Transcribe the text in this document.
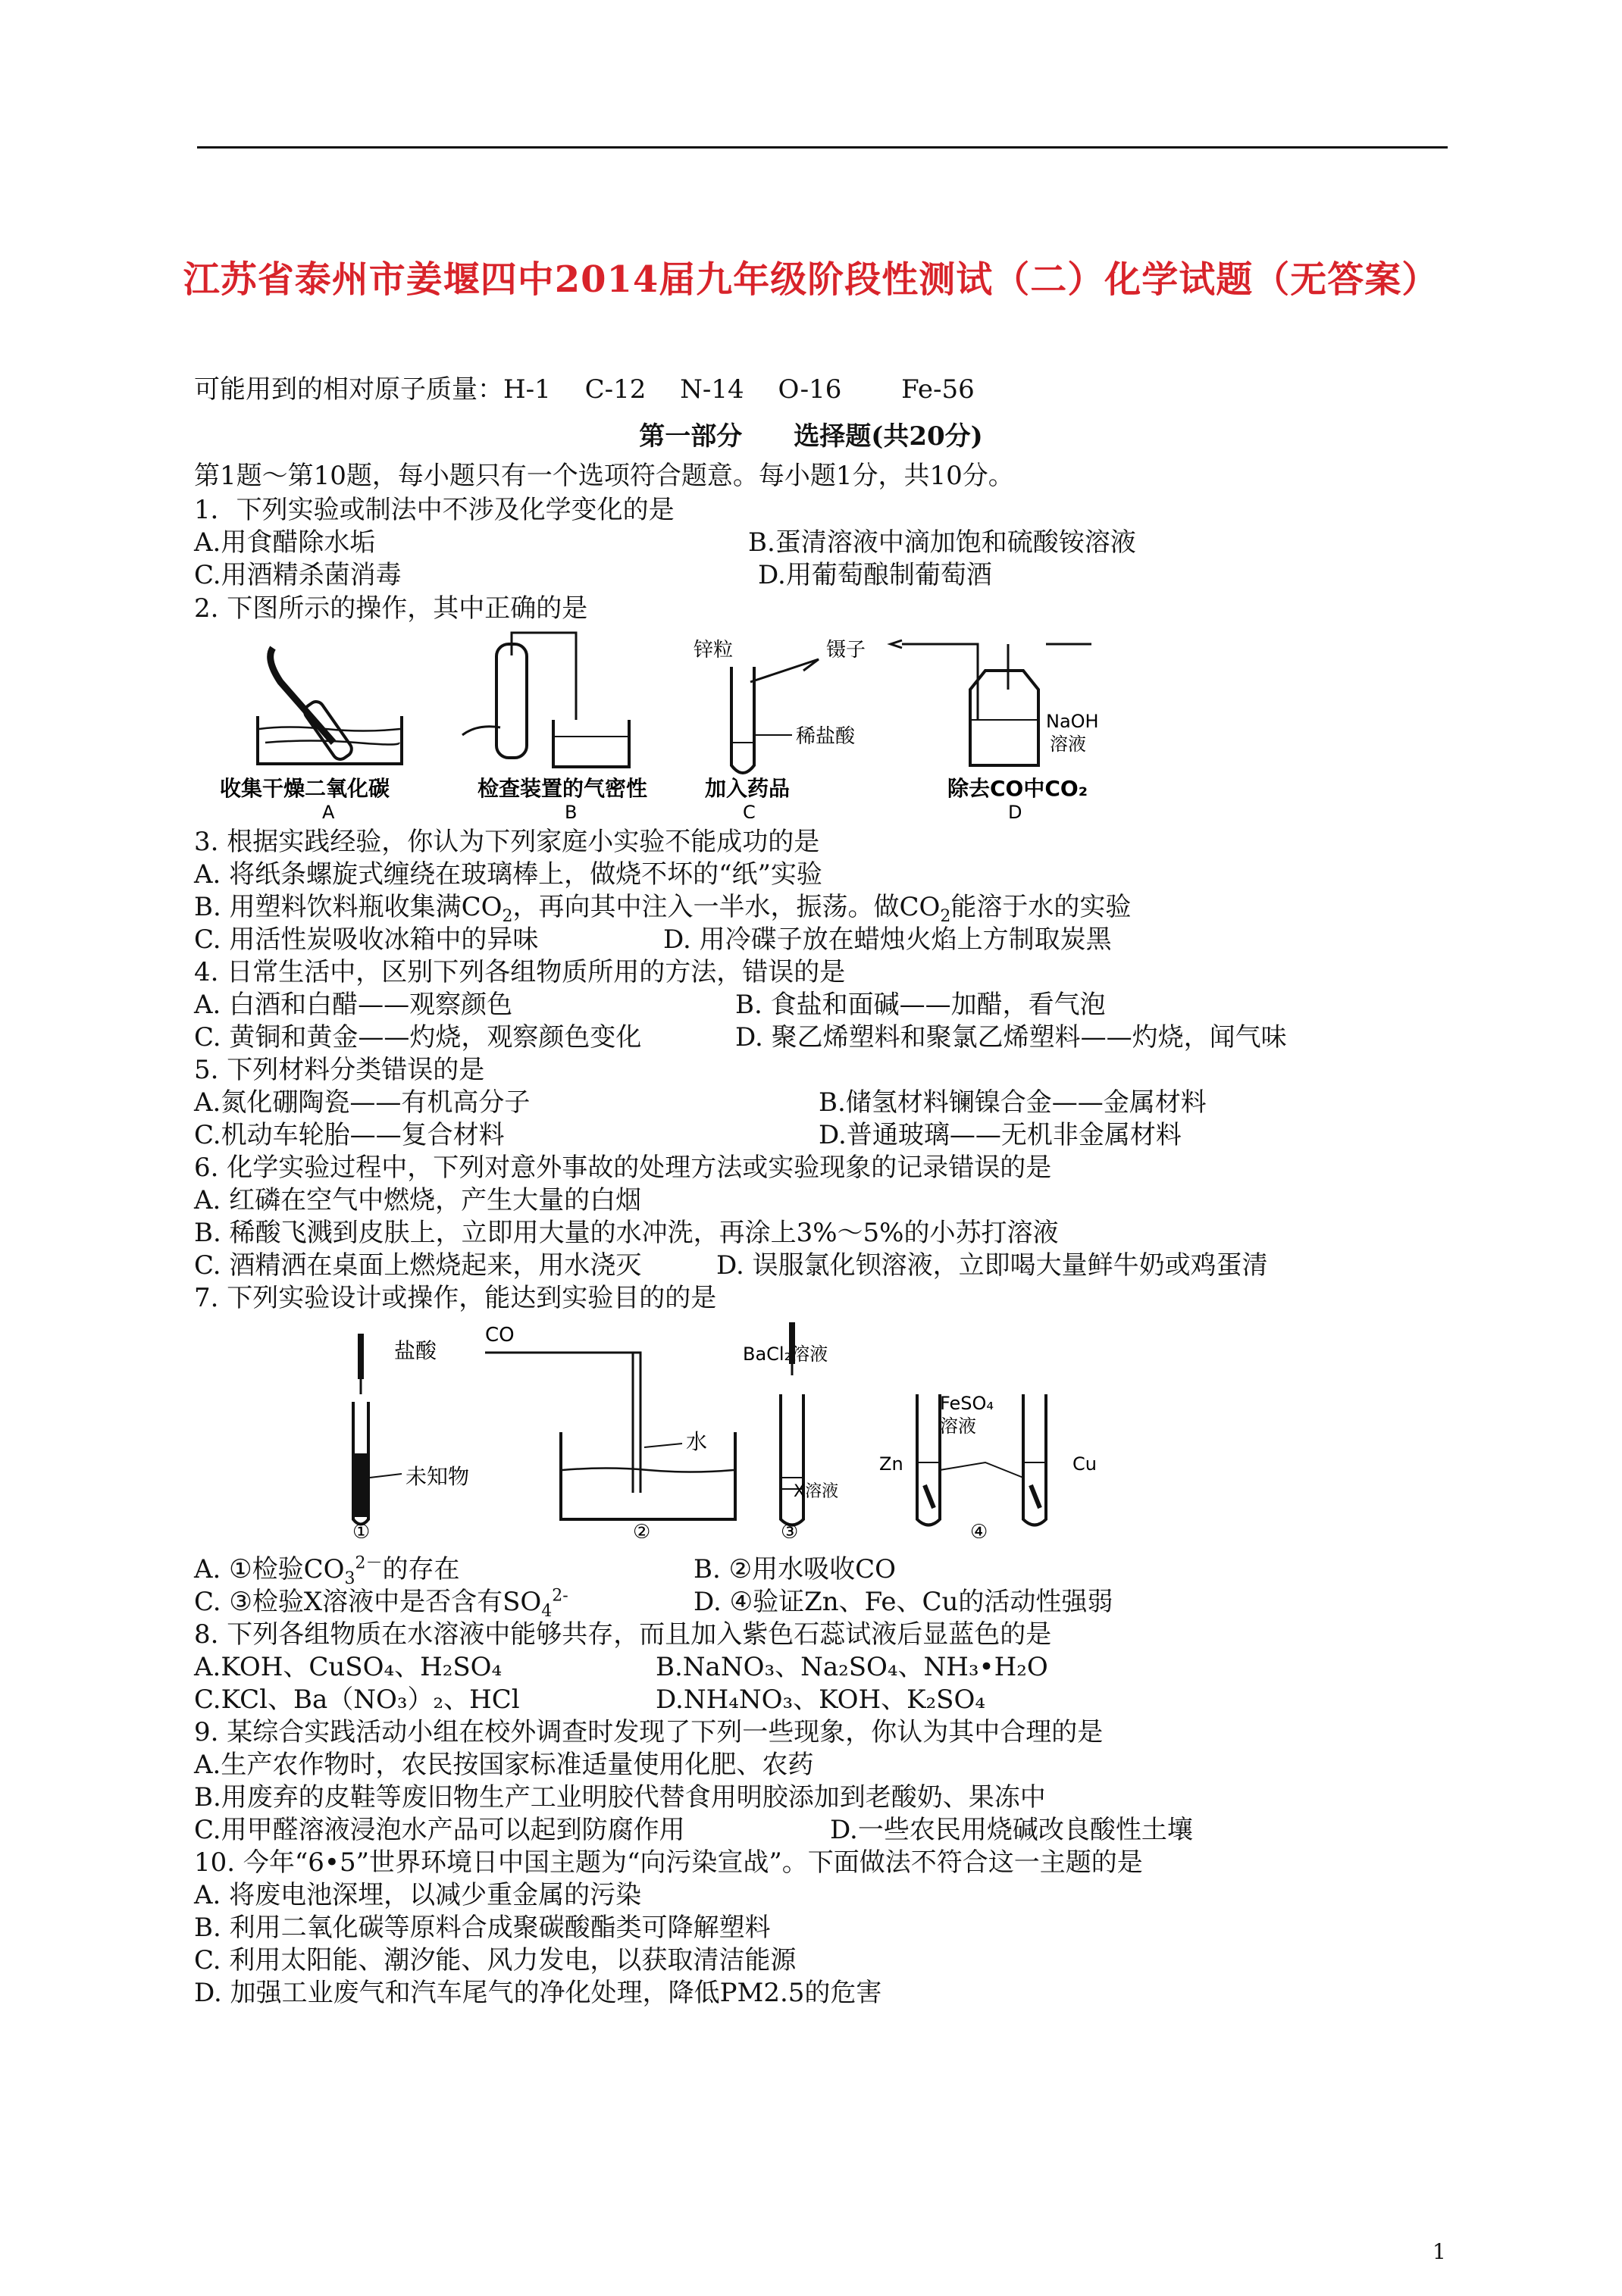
江苏省泰州市姜堰四中2014届九年级阶段性测试（二）化学试题（无答案）
可能用到的相对原子质量：H-1　 C-12　 N-14　 O-16　　 Fe-56
第一部分　　选择题(共20分)
第1题～第10题，每小题只有一个选项符合题意。每小题1分，共10分。
1．下列实验或制法中不涉及化学变化的是
A.用食醋除水垢	B.蛋清溶液中滴加饱和硫酸铵溶液
C.用酒精杀菌消毒	D.用葡萄酿制葡萄酒
2. 下图所示的操作，其中正确的是
收集干燥二氧化碳
A
检查装置的气密性
B
锌粒	镊子
稀盐酸
加入药品
C
NaOH
溶液
除去CO中CO₂
D
3. 根据实践经验，你认为下列家庭小实验不能成功的是
A. 将纸条螺旋式缠绕在玻璃棒上，做烧不坏的“纸”实验
B. 用塑料饮料瓶收集满$CO_2$，再向其中注入一半水，振荡。做$CO_2$能溶于水的实验
C. 用活性炭吸收冰箱中的异味	D. 用冷碟子放在蜡烛火焰上方制取炭黑
4. 日常生活中，区别下列各组物质所用的方法，错误的是
A. 白酒和白醋——观察颜色	B. 食盐和面碱——加醋，看气泡
C. 黄铜和黄金——灼烧，观察颜色变化	D. 聚乙烯塑料和聚氯乙烯塑料——灼烧，闻气味
5. 下列材料分类错误的是
A.氮化硼陶瓷——有机高分子	B.储氢材料镧镍合金——金属材料
C.机动车轮胎——复合材料	D.普通玻璃——无机非金属材料
6. 化学实验过程中，下列对意外事故的处理方法或实验现象的记录错误的是
A. 红磷在空气中燃烧，产生大量的白烟
B. 稀酸飞溅到皮肤上，立即用大量的水冲洗，再涂上3%～5%的小苏打溶液
C. 酒精洒在桌面上燃烧起来，用水浇灭	D. 误服氯化钡溶液，立即喝大量鲜牛奶或鸡蛋清
7. 下列实验设计或操作，能达到实验目的的是
盐酸
未知物
①
CO
水
②
BaCl₂溶液
X溶液
③
Zn
FeSO₄
溶液
Cu
④
A. ①检验$CO_3^{2-}$的存在	B. ②用水吸收CO
C. ③检验X溶液中是否含有$SO_4^{2-}$	D. ④验证Zn、Fe、Cu的活动性强弱
8. 下列各组物质在水溶液中能够共存，而且加入紫色石蕊试液后显蓝色的是
A.KOH、CuSO₄、H₂SO₄	B.NaNO₃、Na₂SO₄、NH₃•H₂O
C.KCl、Ba（NO₃）₂、HCl	D.NH₄NO₃、KOH、K₂SO₄
9. 某综合实践活动小组在校外调查时发现了下列一些现象，你认为其中合理的是
A.生产农作物时，农民按国家标准适量使用化肥、农药
B.用废弃的皮鞋等废旧物生产工业明胶代替食用明胶添加到老酸奶、果冻中
C.用甲醛溶液浸泡水产品可以起到防腐作用	D.一些农民用烧碱改良酸性土壤
10. 今年“6•5”世界环境日中国主题为“向污染宣战”。下面做法不符合这一主题的是
A. 将废电池深埋，以减少重金属的污染
B. 利用二氧化碳等原料合成聚碳酸酯类可降解塑料
C. 利用太阳能、潮汐能、风力发电，以获取清洁能源
D. 加强工业废气和汽车尾气的净化处理，降低PM2.5的危害
1
